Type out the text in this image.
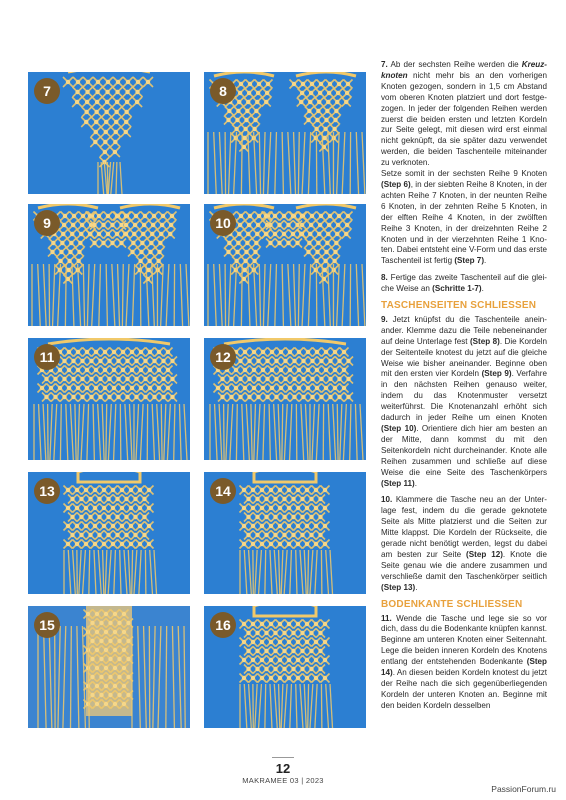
7	8
9	10
11	12
13	14
15	16

7. Ab der sechsten Reihe werden die Kreuzknoten nicht mehr bis an den vorherigen Knoten gezogen, sondern in 1,5 cm Abstand vom oberen Knoten platziert und dort festgezogen. In jeder der folgenden Reihen werden zuerst die beiden ersten und letzten Kordeln zur Seite gelegt, mit diesen wird erst einmal nicht geknüpft, da sie später dazu verwendet werden, die beiden Taschenteile miteinander zu verknoten.
Setze somit in der sechsten Reihe 9 Knoten (Step 6), in der siebten Reihe 8 Knoten, in der achten Reihe 7 Knoten, in der neunten Reihe 6 Knoten, in der zehnten Reihe 5 Knoten, in der elften Reihe 4 Knoten, in der zwölften Reihe 3 Knoten, in der dreizehnten Reihe 2 Knoten und in der vierzehnten Reihe 1 Knoten. Dabei entsteht eine V-Form und das erste Taschenteil ist fertig (Step 7).

8. Fertige das zweite Taschenteil auf die gleiche Weise an (Schritte 1-7).

TASCHENSEITEN SCHLIESSEN

9. Jetzt knüpfst du die Taschenteile aneinander. Klemme dazu die Teile nebeneinander auf deine Unterlage fest (Step 8). Die Kordeln der Seitenteile knotest du jetzt auf die gleiche Weise wie bisher aneinander. Beginne oben mit den ersten vier Kordeln (Step 9). Verfahre in den nächsten Reihen genauso weiter, indem du das Knotenmuster versetzt weiterführst. Die Knotenanzahl erhöht sich dadurch in jeder Reihe um einen Knoten (Step 10). Orientiere dich hier am besten an der Mitte, dann kommst du mit den Seitenkordeln nicht durcheinander. Knote alle Reihen zusammen und schließe auf diese Weise die eine Seite des Taschenkörpers (Step 11).

10. Klammere die Tasche neu an der Unterlage fest, indem du die gerade geknotete Seite als Mitte platzierst und die Seiten zur Mitte klappst. Die Kordeln der Rückseite, die gerade nicht benötigt werden, legst du dabei am besten zur Seite (Step 12). Knote die Seite genau wie die andere zusammen und verschließe damit den Taschenkörper seitlich (Step 13).

BODENKANTE SCHLIESSEN

11. Wende die Tasche und lege sie so vor dich, dass du die Bodenkante knüpfen kannst. Beginne am unteren Knoten einer Seitennaht. Lege die beiden inneren Kordeln des Knotens entlang der entstehenden Bodenkante (Step 14). An diesen beiden Kordeln knotest du jetzt der Reihe nach die sich gegenüberliegenden Kordeln der unteren Knoten an. Beginne mit den beiden Kordeln desselben

12
MAKRAMEE 03 | 2023
PassionForum.ru
